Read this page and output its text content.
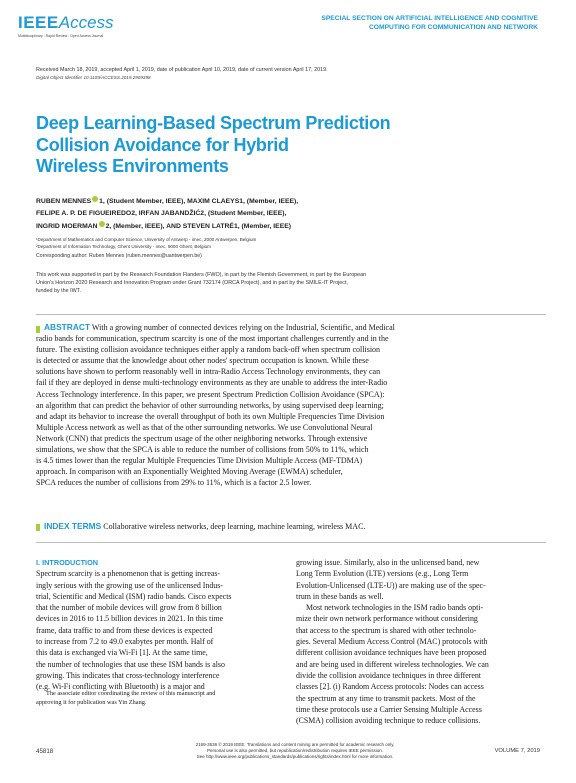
IEEEAccess
Multidisciplinary : Rapid Review : Open Access Journal
SPECIAL SECTION ON ARTIFICIAL INTELLIGENCE AND COGNITIVE
COMPUTING FOR COMMUNICATION AND NETWORK
Received March 18, 2019, accepted April 1, 2019, date of publication April 10, 2019, date of current version April 17, 2019.
Digital Object Identifier 10.1109/ACCESS.2019.2909398
Deep Learning-Based Spectrum Prediction
Collision Avoidance for Hybrid
Wireless Environments
RUBEN MENNES 1, (Student Member, IEEE), MAXIM CLAEYS1, (Member, IEEE),
FELIPE A. P. DE FIGUEIREDO2, IRFAN JABANDŽIĆ2, (Student Member, IEEE),
INGRID MOERMAN 2, (Member, IEEE), AND STEVEN LATRÉ1, (Member, IEEE)
¹Department of Mathematics and Computer Science, University of Antwerp - imec, 2000 Antwerpen, Belgium
²Department of Information Technology, Ghent University - imec, 9000 Ghent, Belgium
Corresponding author: Ruben Mennes (ruben.mennes@uantwerpen.be)
This work was supported in part by the Research Foundation Flanders (FWO), in part by the Flemish Government, in part by the European
Union's Horizon 2020 Research and Innovation Program under Grant 732174 (ORCA Project), and in part by the SMILE-IT Project,
funded by the IWT.
ABSTRACT With a growing number of connected devices relying on the Industrial, Scientific, and Medical
radio bands for communication, spectrum scarcity is one of the most important challenges currently and in the
future. The existing collision avoidance techniques either apply a random back-off when spectrum collision
is detected or assume that the knowledge about other nodes' spectrum occupation is known. While these
solutions have shown to perform reasonably well in intra-Radio Access Technology environments, they can
fail if they are deployed in dense multi-technology environments as they are unable to address the inter-Radio
Access Technology interference. In this paper, we present Spectrum Prediction Collision Avoidance (SPCA):
an algorithm that can predict the behavior of other surrounding networks, by using supervised deep learning;
and adapt its behavior to increase the overall throughput of both its own Multiple Frequencies Time Division
Multiple Access network as well as that of the other surrounding networks. We use Convolutional Neural
Network (CNN) that predicts the spectrum usage of the other neighboring networks. Through extensive
simulations, we show that the SPCA is able to reduce the number of collisions from 50% to 11%, which
is 4.5 times lower than the regular Multiple Frequencies Time Division Multiple Access (MF-TDMA)
approach. In comparison with an Exponentially Weighted Moving Average (EWMA) scheduler,
SPCA reduces the number of collisions from 29% to 11%, which is a factor 2.5 lower.
INDEX TERMS Collaborative wireless networks, deep learning, machine learning, wireless MAC.
I. INTRODUCTION
Spectrum scarcity is a phenomenon that is getting increas-
ingly serious with the growing use of the unlicensed Indus-
trial, Scientific and Medical (ISM) radio bands. Cisco expects
that the number of mobile devices will grow from 8 billion
devices in 2016 to 11.5 billion devices in 2021. In this time
frame, data traffic to and from these devices is expected
to increase from 7.2 to 49.0 exabytes per month. Half of
this data is exchanged via Wi-Fi [1]. At the same time,
the number of technologies that use these ISM bands is also
growing. This indicates that cross-technology interference
(e.g. Wi-Fi conflicting with Bluetooth) is a major and
growing issue. Similarly, also in the unlicensed band, new
Long Term Evolution (LTE) versions (e.g., Long Term
Evolution-Unlicensed (LTE-U)) are making use of the spec-
trum in these bands as well.
Most network technologies in the ISM radio bands opti-
mize their own network performance without considering
that access to the spectrum is shared with other technolo-
gies. Several Medium Access Control (MAC) protocols with
different collision avoidance techniques have been proposed
and are being used in different wireless technologies. We can
divide the collision avoidance techniques in three different
classes [2]. (i) Random Access protocols: Nodes can access
the spectrum at any time to transmit packets. Most of the
time these protocols use a Carrier Sensing Multiple Access
(CSMA) collision avoiding technique to reduce collisions.
The associate editor coordinating the review of this manuscript and
approving it for publication was Yin Zhang.
45818
2169-3536 © 2019 IEEE. Translations and content mining are permitted for academic research only.
Personal use is also permitted, but republication/redistribution requires IEEE permission.
See http://www.ieee.org/publications_standards/publications/rights/index.html for more information.
VOLUME 7, 2019
